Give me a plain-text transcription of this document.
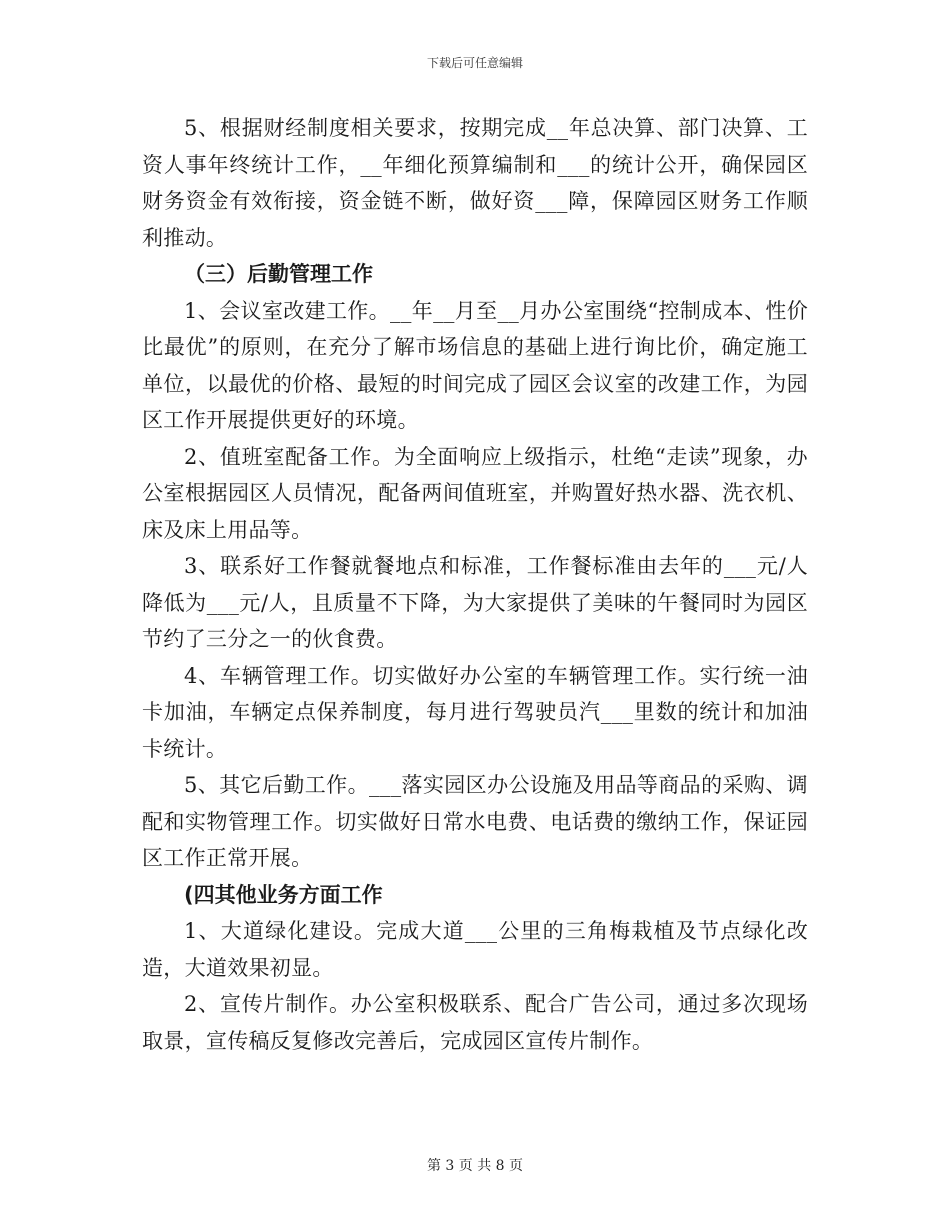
下载后可任意编辑

5、根据财经制度相关要求，按期完成__年总决算、部门决算、工资人事年终统计工作，__年细化预算编制和___的统计公开，确保园区财务资金有效衔接，资金链不断，做好资___障，保障园区财务工作顺利推动。

（三）后勤管理工作

1、会议室改建工作。__年__月至__月办公室围绕“控制成本、性价比最优”的原则，在充分了解市场信息的基础上进行询比价，确定施工单位，以最优的价格、最短的时间完成了园区会议室的改建工作，为园区工作开展提供更好的环境。

2、值班室配备工作。为全面响应上级指示，杜绝“走读”现象，办公室根据园区人员情况，配备两间值班室，并购置好热水器、洗衣机、床及床上用品等。

3、联系好工作餐就餐地点和标准，工作餐标准由去年的___元/人降低为___元/人，且质量不下降，为大家提供了美味的午餐同时为园区节约了三分之一的伙食费。

4、车辆管理工作。切实做好办公室的车辆管理工作。实行统一油卡加油，车辆定点保养制度，每月进行驾驶员汽___里数的统计和加油卡统计。

5、其它后勤工作。___落实园区办公设施及用品等商品的采购、调配和实物管理工作。切实做好日常水电费、电话费的缴纳工作，保证园区工作正常开展。

(四其他业务方面工作

1、大道绿化建设。完成大道___公里的三角梅栽植及节点绿化改造，大道效果初显。

2、宣传片制作。办公室积极联系、配合广告公司，通过多次现场取景，宣传稿反复修改完善后，完成园区宣传片制作。

第 3 页 共 8 页
